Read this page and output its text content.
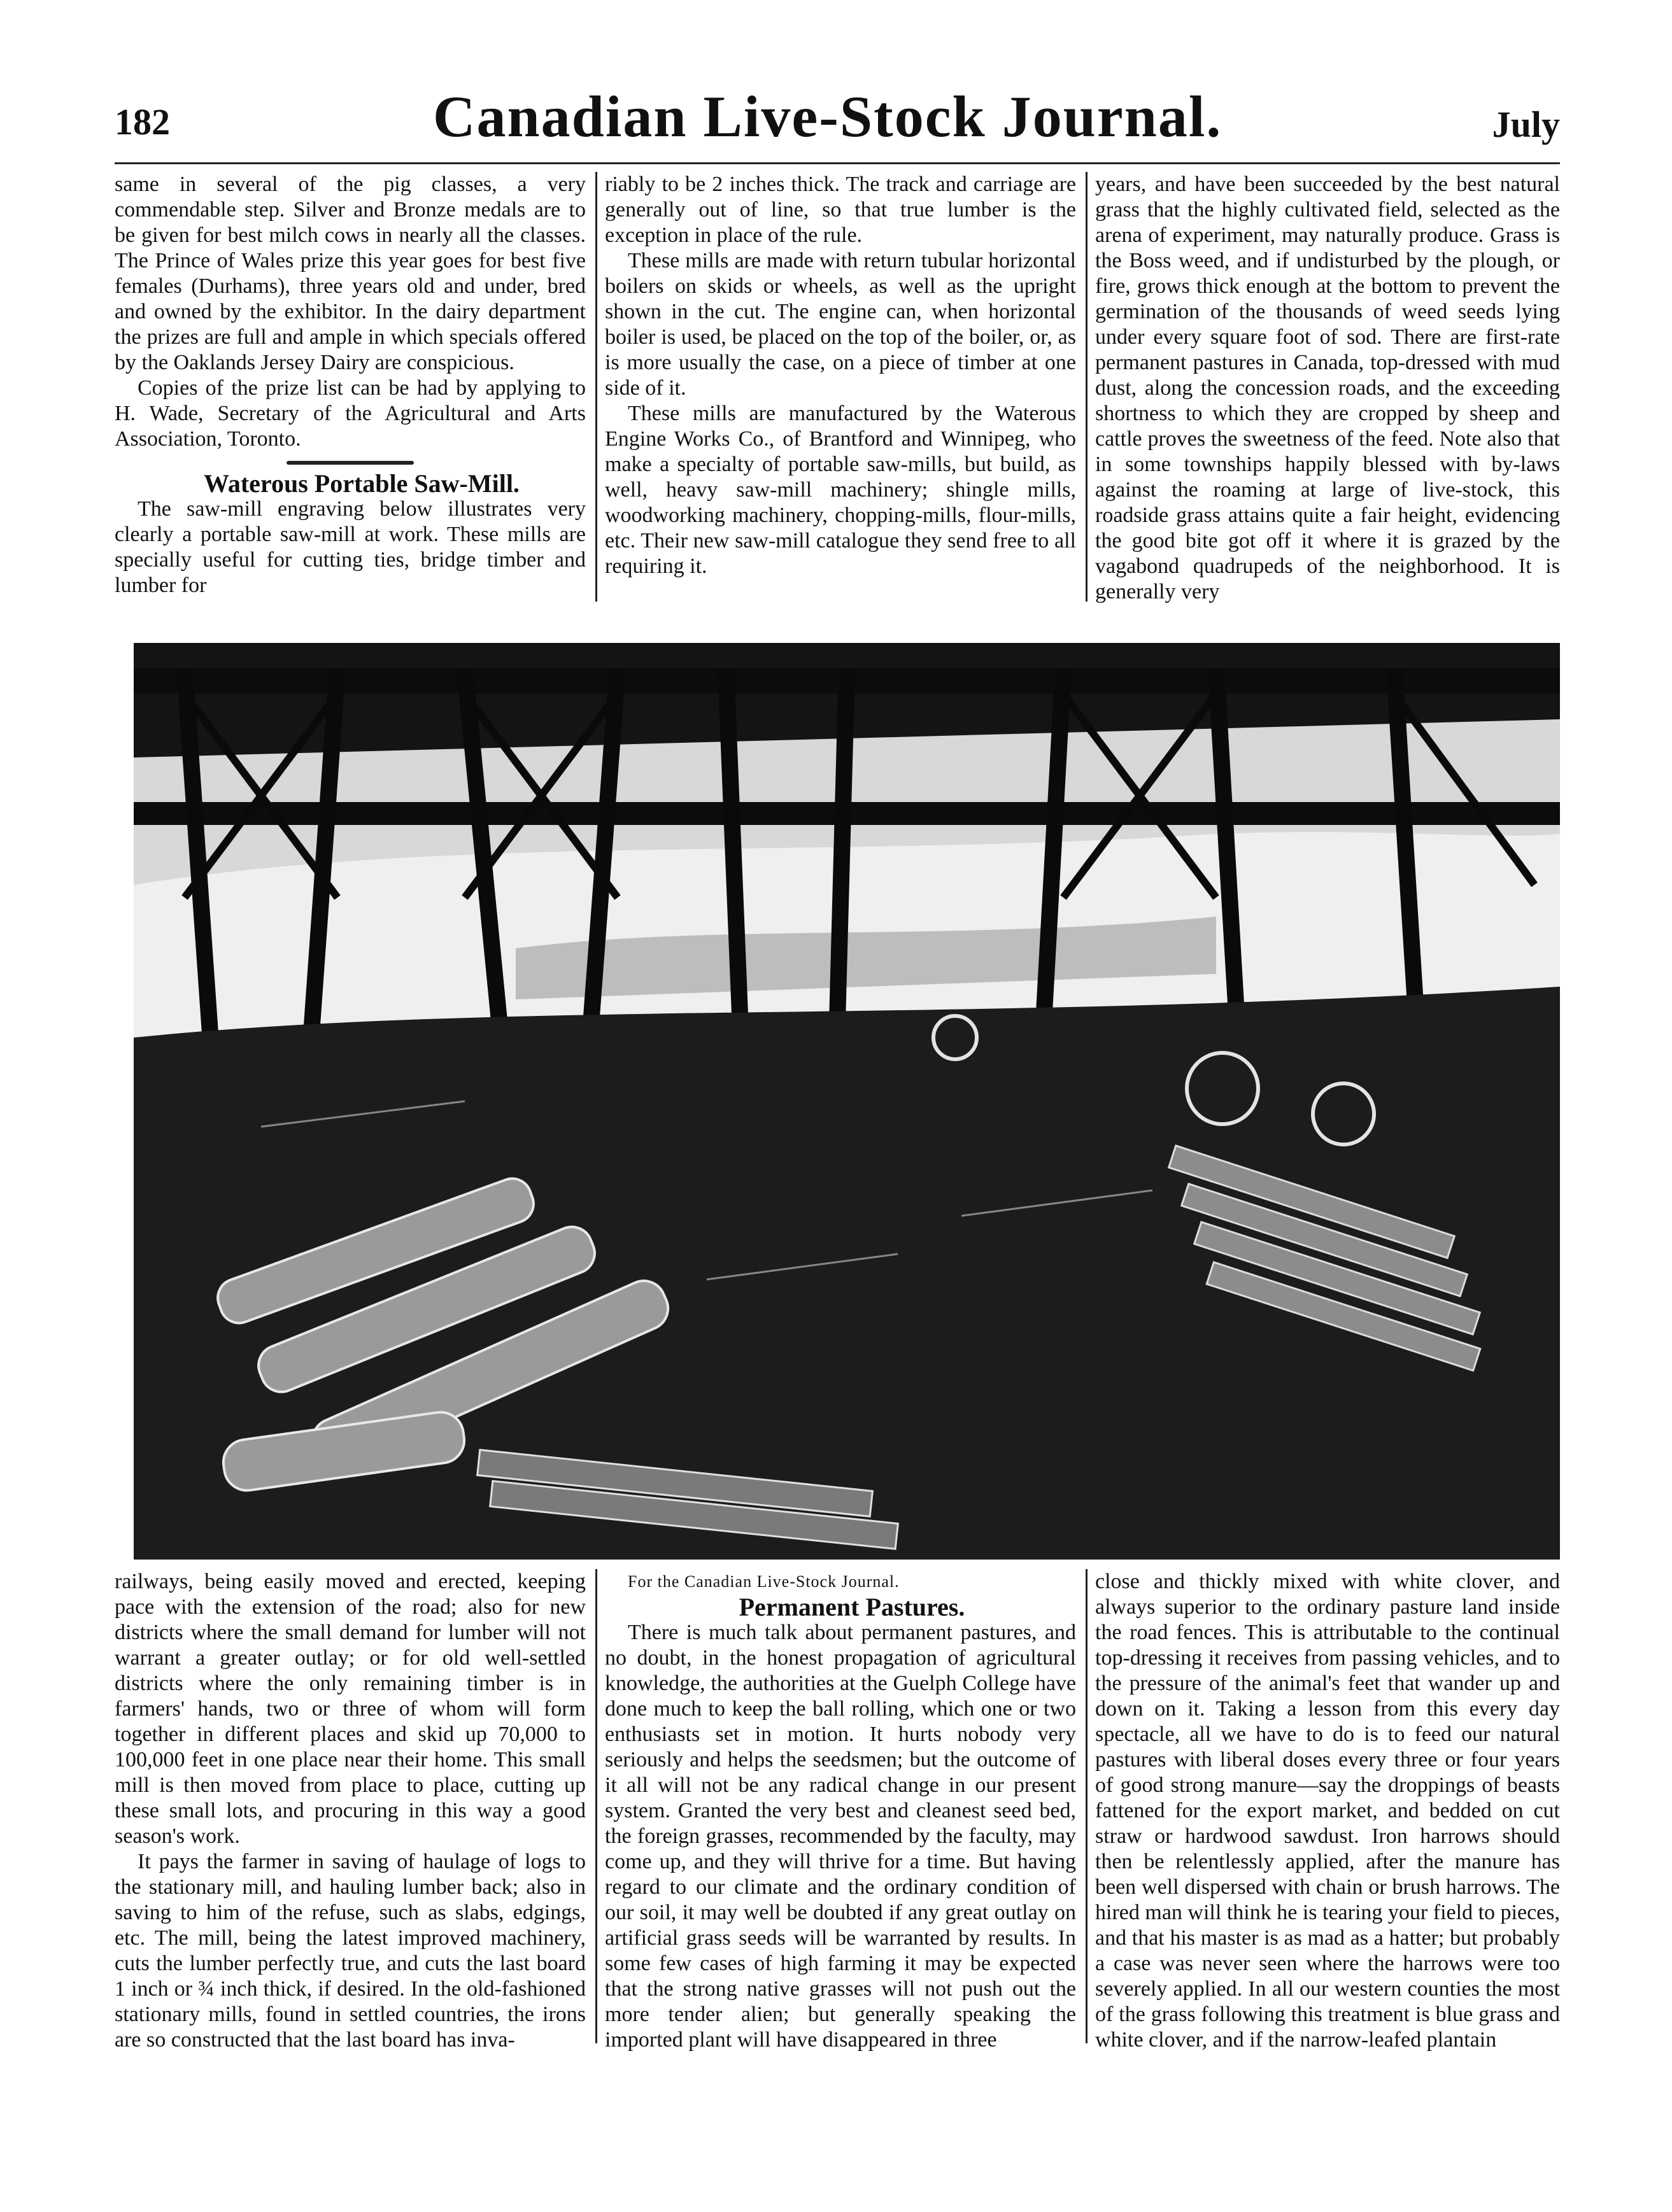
182	Canadian Live-Stock Journal.	July

same in several of the pig classes, a very commendable step. Silver and Bronze medals are to be given for best milch cows in nearly all the classes. The Prince of Wales prize this year goes for best five females (Durhams), three years old and under, bred and owned by the exhibitor. In the dairy department the prizes are full and ample in which specials offered by the Oaklands Jersey Dairy are conspicious.

Copies of the prize list can be had by applying to H. Wade, Secretary of the Agricultural and Arts Association, Toronto.

Waterous Portable Saw-Mill.

The saw-mill engraving below illustrates very clearly a portable saw-mill at work. These mills are specially useful for cutting ties, bridge timber and lumber for

riably to be 2 inches thick. The track and carriage are generally out of line, so that true lumber is the exception in place of the rule.

These mills are made with return tubular horizontal boilers on skids or wheels, as well as the upright shown in the cut. The engine can, when horizontal boiler is used, be placed on the top of the boiler, or, as is more usually the case, on a piece of timber at one side of it.

These mills are manufactured by the Waterous Engine Works Co., of Brantford and Winnipeg, who make a specialty of portable saw-mills, but build, as well, heavy saw-mill machinery; shingle mills, woodworking machinery, chopping-mills, flour-mills, etc. Their new saw-mill catalogue they send free to all requiring it.

years, and have been succeeded by the best natural grass that the highly cultivated field, selected as the arena of experiment, may naturally produce. Grass is the Boss weed, and if undisturbed by the plough, or fire, grows thick enough at the bottom to prevent the germination of the thousands of weed seeds lying under every square foot of sod. There are first-rate permanent pastures in Canada, top-dressed with mud dust, along the concession roads, and the exceeding shortness to which they are cropped by sheep and cattle proves the sweetness of the feed. Note also that in some townships happily blessed with by-laws against the roaming at large of live-stock, this roadside grass attains quite a fair height, evidencing the good bite got off it where it is grazed by the vagabond quadrupeds of the neighborhood. It is generally very

railways, being easily moved and erected, keeping pace with the extension of the road; also for new districts where the small demand for lumber will not warrant a greater outlay; or for old well-settled districts where the only remaining timber is in farmers' hands, two or three of whom will form together in different places and skid up 70,000 to 100,000 feet in one place near their home. This small mill is then moved from place to place, cutting up these small lots, and procuring in this way a good season's work.

It pays the farmer in saving of haulage of logs to the stationary mill, and hauling lumber back; also in saving to him of the refuse, such as slabs, edgings, etc. The mill, being the latest improved machinery, cuts the lumber perfectly true, and cuts the last board 1 inch or ¾ inch thick, if desired. In the old-fashioned stationary mills, found in settled countries, the irons are so constructed that the last board has inva-

For the Canadian Live-Stock Journal.

Permanent Pastures.

There is much talk about permanent pastures, and no doubt, in the honest propagation of agricultural knowledge, the authorities at the Guelph College have done much to keep the ball rolling, which one or two enthusiasts set in motion. It hurts nobody very seriously and helps the seedsmen; but the outcome of it all will not be any radical change in our present system. Granted the very best and cleanest seed bed, the foreign grasses, recommended by the faculty, may come up, and they will thrive for a time. But having regard to our climate and the ordinary condition of our soil, it may well be doubted if any great outlay on artificial grass seeds will be warranted by results. In some few cases of high farming it may be expected that the strong native grasses will not push out the more tender alien; but generally speaking the imported plant will have disappeared in three

close and thickly mixed with white clover, and always superior to the ordinary pasture land inside the road fences. This is attributable to the continual top-dressing it receives from passing vehicles, and to the pressure of the animal's feet that wander up and down on it. Taking a lesson from this every day spectacle, all we have to do is to feed our natural pastures with liberal doses every three or four years of good strong manure—say the droppings of beasts fattened for the export market, and bedded on cut straw or hardwood sawdust. Iron harrows should then be relentlessly applied, after the manure has been well dispersed with chain or brush harrows. The hired man will think he is tearing your field to pieces, and that his master is as mad as a hatter; but probably a case was never seen where the harrows were too severely applied. In all our western counties the most of the grass following this treatment is blue grass and white clover, and if the narrow-leafed plantain
